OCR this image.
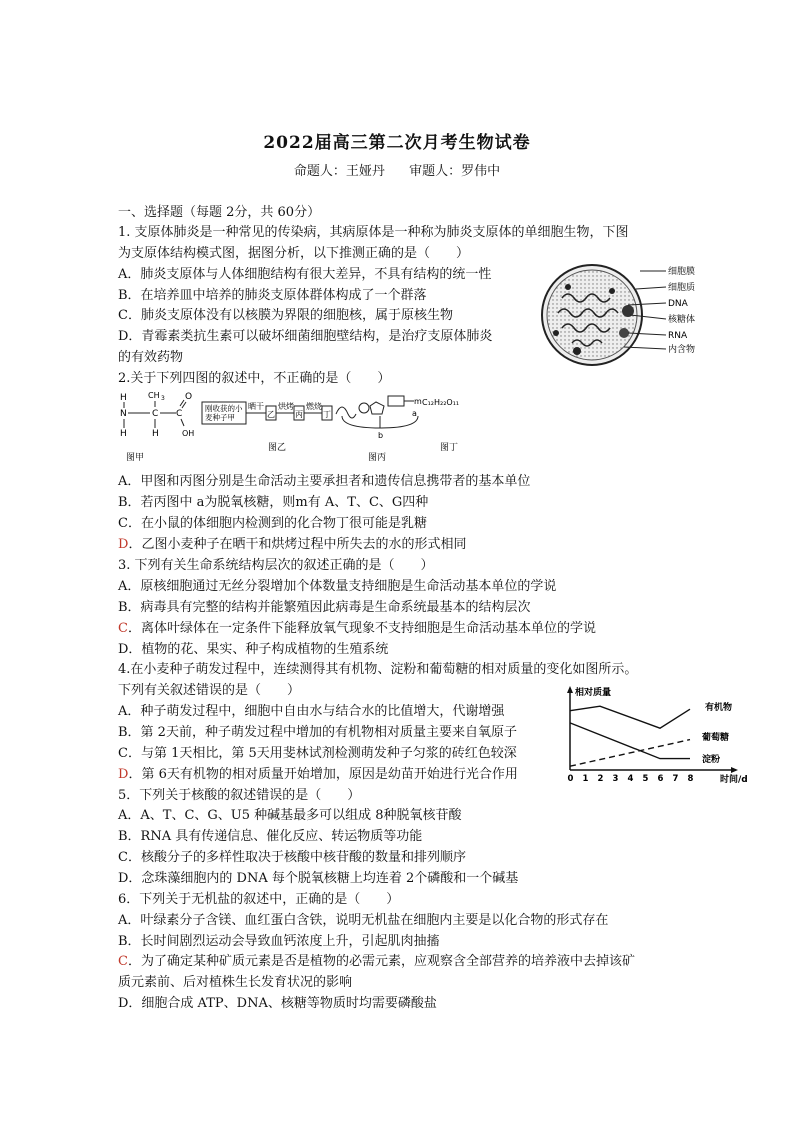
2022届高三第二次月考生物试卷
命题人：王娅丹 审题人：罗伟中
一、选择题（每题 2分，共 60分）
1. 支原体肺炎是一种常见的传染病，其病原体是一种称为肺炎支原体的单细胞生物，下图
为支原体结构模式图，据图分析，以下推测正确的是（　　）
A．肺炎支原体与人体细胞结构有很大差异，不具有结构的统一性
B．在培养皿中培养的肺炎支原体群体构成了一个群落
C．肺炎支原体没有以核膜为界限的细胞核，属于原核生物
D．青霉素类抗生素可以破坏细菌细胞壁结构，是治疗支原体肺炎
的有效药物
2.关于下列四图的叙述中，不正确的是（　　）
A．甲图和丙图分别是生命活动主要承担者和遗传信息携带者的基本单位
B．若丙图中 a为脱氧核糖，则m有 A、T、C、G四种
C．在小鼠的体细胞内检测到的化合物丁很可能是乳糖
D．乙图小麦种子在晒干和烘烤过程中所失去的水的形式相同
3. 下列有关生命系统结构层次的叙述正确的是（　　）
A．原核细胞通过无丝分裂增加个体数量支持细胞是生命活动基本单位的学说
B．病毒具有完整的结构并能繁殖因此病毒是生命系统最基本的结构层次
C．离体叶绿体在一定条件下能释放氧气现象不支持细胞是生命活动基本单位的学说
D．植物的花、果实、种子构成植物的生殖系统
4.在小麦种子萌发过程中，连续测得其有机物、淀粉和葡萄糖的相对质量的变化如图所示。
下列有关叙述错误的是（　　）
A．种子萌发过程中，细胞中自由水与结合水的比值增大，代谢增强
B．第 2天前，种子萌发过程中增加的有机物相对质量主要来自氧原子
C．与第 1天相比，第 5天用斐林试剂检测萌发种子匀浆的砖红色较深
D．第 6天有机物的相对质量开始增加，原因是幼苗开始进行光合作用
5．下列关于核酸的叙述错误的是（　　）
A．A、T、C、G、U5 种碱基最多可以组成 8种脱氧核苷酸
B．RNA 具有传递信息、催化反应、转运物质等功能
C．核酸分子的多样性取决于核酸中核苷酸的数量和排列顺序
D．念珠藻细胞内的 DNA 每个脱氧核糖上均连着 2个磷酸和一个碱基
6．下列关于无机盐的叙述中，正确的是（　　）
A．叶绿素分子含镁、血红蛋白含铁，说明无机盐在细胞内主要是以化合物的形式存在
B．长时间剧烈运动会导致血钙浓度上升，引起肌肉抽搐
C．为了确定某种矿质元素是否是植物的必需元素，应观察含全部营养的培养液中去掉该矿
质元素前、后对植株生长发育状况的影响
D．细胞合成 ATP、DNA、核糖等物质时均需要磷酸盐
细胞膜
细胞质
DNA
核糖体
RNA
内含物
N
H
H
C
CH 3
H
C
O
OH
图甲
刚收获的小
麦种子甲
晒干
乙
烘烤
丙
燃烧
丁
图乙
m
a
b
图丙
C₁₂H₂₂O₁₁
图丁
相对质量
时间/d
0 1 2 3 4 5 6 7 8
有机物
葡萄糖
淀粉
